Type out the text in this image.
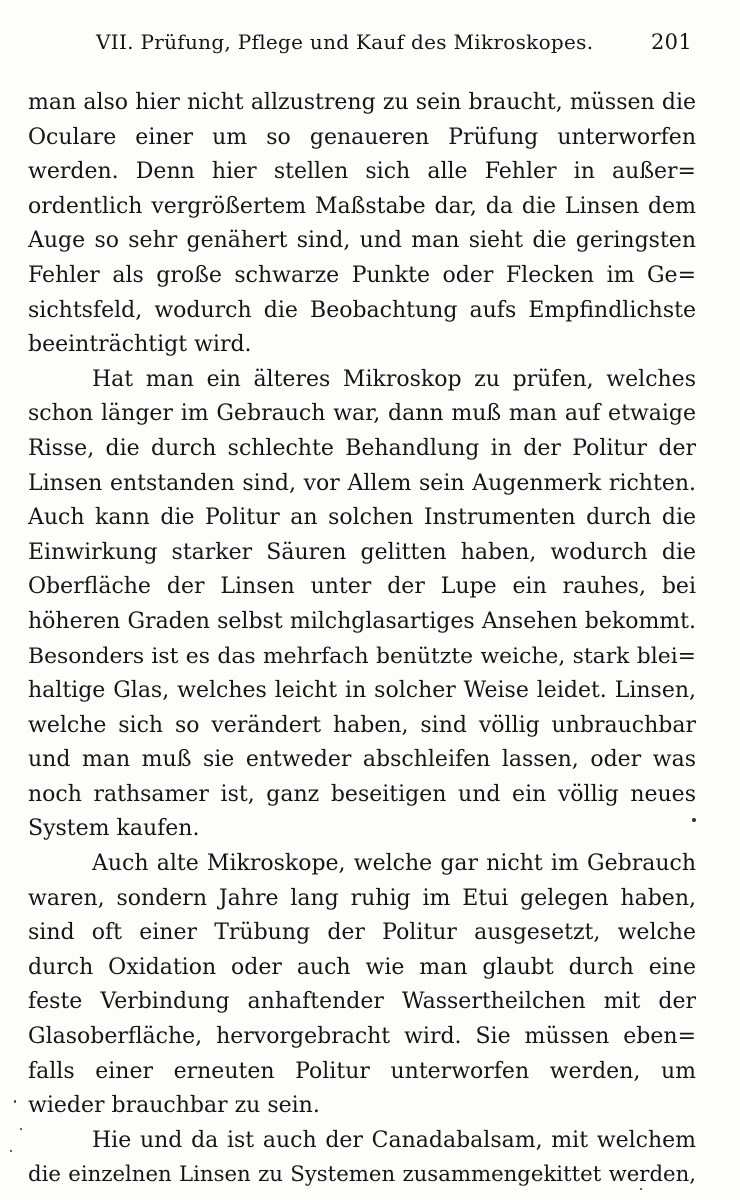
VII. Prüfung, Pflege und Kauf des Mikroskopes.	201

man also hier nicht allzustreng zu sein braucht, müssen die
Oculare einer um so genaueren Prüfung unterworfen
werden. Denn hier stellen sich alle Fehler in außer=
ordentlich vergrößertem Maßstabe dar, da die Linsen dem
Auge so sehr genähert sind, und man sieht die geringsten
Fehler als große schwarze Punkte oder Flecken im Ge=
sichtsfeld, wodurch die Beobachtung aufs Empfindlichste
beeinträchtigt wird.

Hat man ein älteres Mikroskop zu prüfen, welches
schon länger im Gebrauch war, dann muß man auf etwaige
Risse, die durch schlechte Behandlung in der Politur der
Linsen entstanden sind, vor Allem sein Augenmerk richten.
Auch kann die Politur an solchen Instrumenten durch die
Einwirkung starker Säuren gelitten haben, wodurch die
Oberfläche der Linsen unter der Lupe ein rauhes, bei
höheren Graden selbst milchglasartiges Ansehen bekommt.
Besonders ist es das mehrfach benützte weiche, stark blei=
haltige Glas, welches leicht in solcher Weise leidet. Linsen,
welche sich so verändert haben, sind völlig unbrauchbar
und man muß sie entweder abschleifen lassen, oder was
noch rathsamer ist, ganz beseitigen und ein völlig neues
System kaufen.

Auch alte Mikroskope, welche gar nicht im Gebrauch
waren, sondern Jahre lang ruhig im Etui gelegen haben,
sind oft einer Trübung der Politur ausgesetzt, welche
durch Oxidation oder auch wie man glaubt durch eine
feste Verbindung anhaftender Wassertheilchen mit der
Glasoberfläche, hervorgebracht wird. Sie müssen eben=
falls einer erneuten Politur unterworfen werden, um
wieder brauchbar zu sein.

Hie und da ist auch der Canadabalsam, mit welchem
die einzelnen Linsen zu Systemen zusammengekittet werden,
